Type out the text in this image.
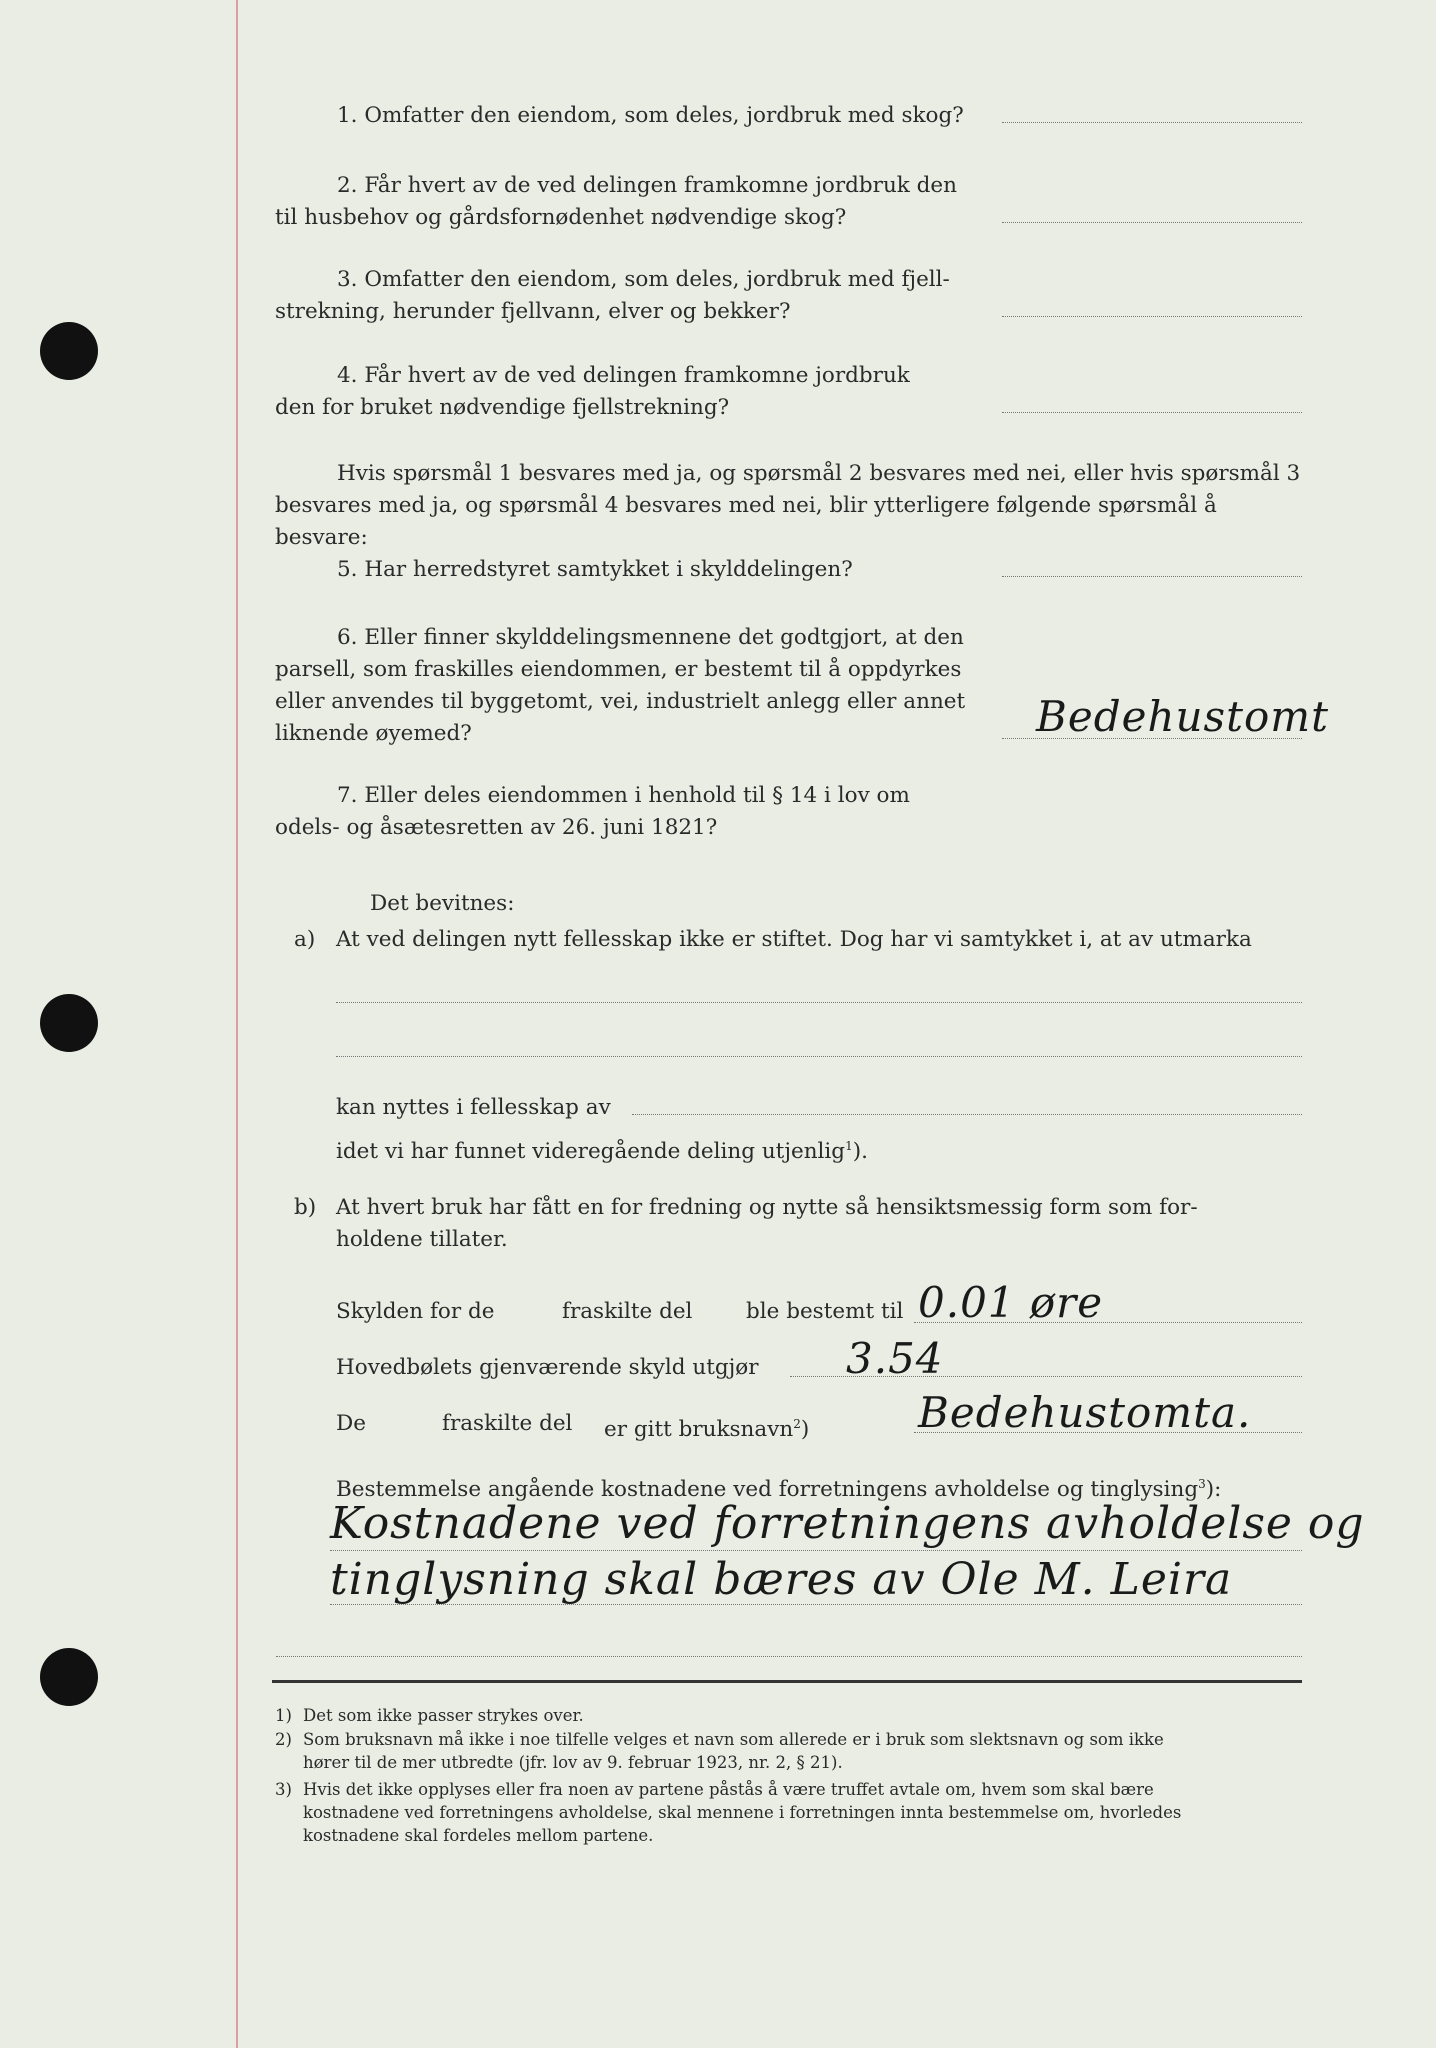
1. Omfatter den eiendom, som deles, jordbruk med skog?
2. Får hvert av de ved delingen framkomne jordbruk den
til husbehov og gårdsfornødenhet nødvendige skog?
3. Omfatter den eiendom, som deles, jordbruk med fjell-
strekning, herunder fjellvann, elver og bekker?
4. Får hvert av de ved delingen framkomne jordbruk
den for bruket nødvendige fjellstrekning?
Hvis spørsmål 1 besvares med ja, og spørsmål 2 besvares med nei, eller hvis spørsmål 3
besvares med ja, og spørsmål 4 besvares med nei, blir ytterligere følgende spørsmål å besvare:
5. Har herredstyret samtykket i skylddelingen?
6. Eller finner skylddelingsmennene det godtgjort, at den
parsell, som fraskilles eiendommen, er bestemt til å oppdyrkes
eller anvendes til byggetomt, vei, industrielt anlegg eller annet
liknende øyemed?	Bedehustomt
7. Eller deles eiendommen i henhold til § 14 i lov om
odels- og åsætesretten av 26. juni 1821?
Det bevitnes:
a) At ved delingen nytt fellesskap ikke er stiftet. Dog har vi samtykket i, at av utmarka
kan nyttes i fellesskap av
idet vi har funnet videregående deling utjenlig$^1$).
b) At hvert bruk har fått en for fredning og nytte så hensiktsmessig form som for-
holdene tillater.
Skylden for de	fraskilte del ble bestemt til 0.01 øre
Hovedbølets gjenværende skyld utgjør 3.54
De	fraskilte del er gitt bruksnavn$^2$)	Bedehustomta.
Bestemmelse angående kostnadene ved forretningens avholdelse og tinglysing$^3$):
Kostnadene ved forretningens avholdelse og
tinglysning skal bæres av Ole M. Leira
1) Det som ikke passer strykes over.
2) Som bruksnavn må ikke i noe tilfelle velges et navn som allerede er i bruk som slektsnavn og som ikke
hører til de mer utbredte (jfr. lov av 9. februar 1923, nr. 2, § 21).
3) Hvis det ikke opplyses eller fra noen av partene påstås å være truffet avtale om, hvem som skal bære
kostnadene ved forretningens avholdelse, skal mennene i forretningen innta bestemmelse om, hvorledes
kostnadene skal fordeles mellom partene.
